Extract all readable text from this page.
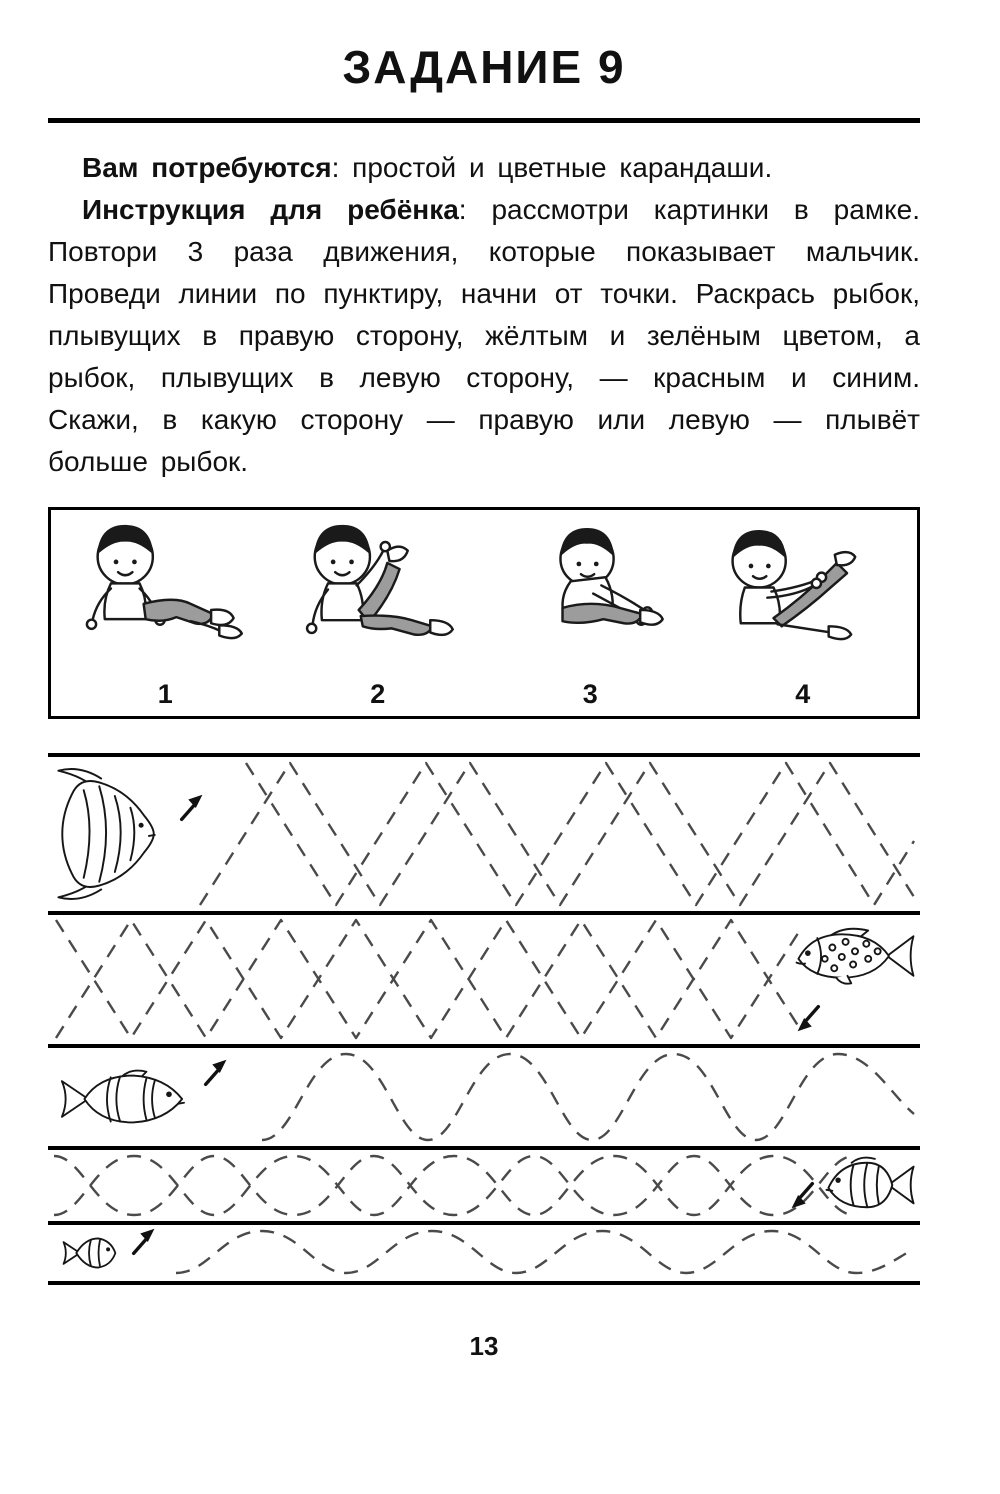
ЗАДАНИЕ 9

Вам потребуются: простой и цветные карандаши.

Инструкция для ребёнка: рассмотри картинки в рамке. Повтори 3 раза движения, которые показывает мальчик. Проведи линии по пунктиру, начни от точки. Раскрась рыбок, плывущих в правую сторону, жёлтым и зелёным цветом, а рыбок, плывущих в левую сторону, — красным и синим. Скажи, в какую сторону — правую или левую — плывёт больше рыбок.

1	2	3	4
13
